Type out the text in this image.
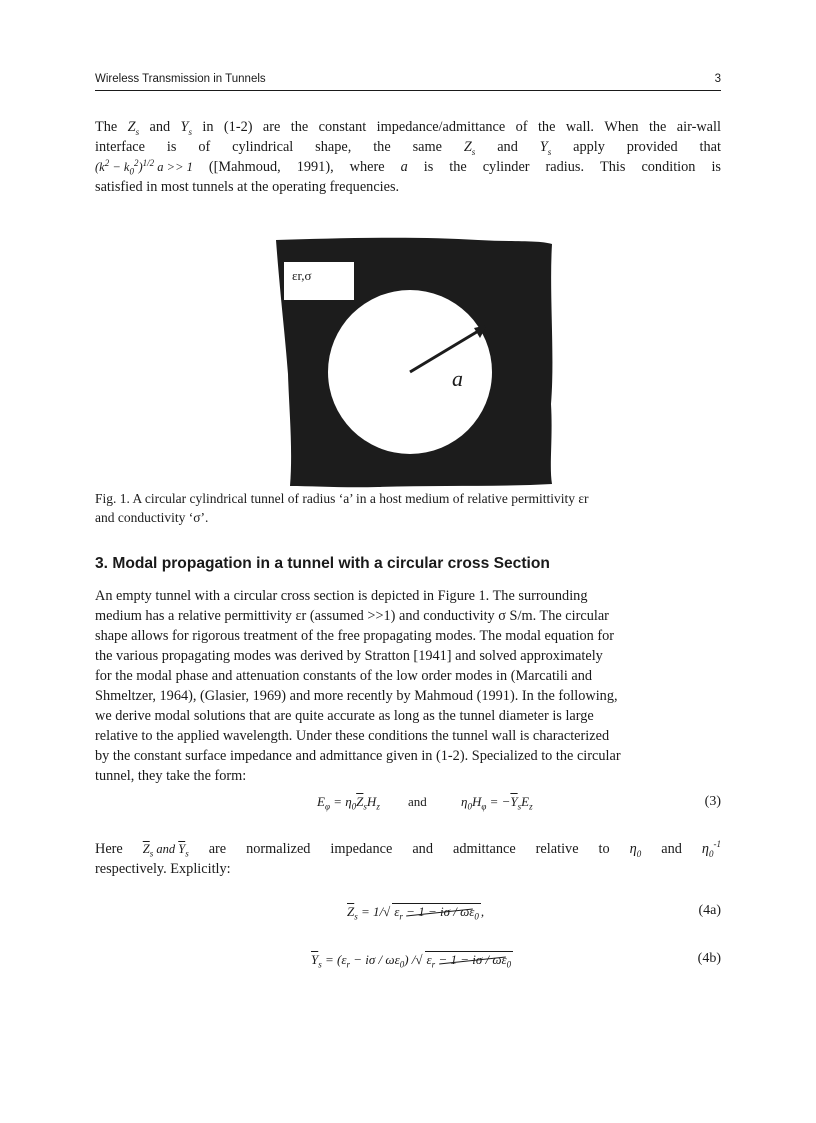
Wireless Transmission in Tunnels	3
The $Z_s$ and $Y_s$ in (1-2) are the constant impedance/admittance of the wall. When the air-wall
interface is of cylindrical shape, the same $Z_s$ and $Y_s$ apply provided that
$(k^2 - k_0^2)^{1/2}$ a >> 1 ([Mahmoud, 1991), where a is the cylinder radius. This condition is
satisfied in most tunnels at the operating frequencies.
εr,σ
a
Fig. 1. A circular cylindrical tunnel of radius ‘a’ in a host medium of relative permittivity εr
and conductivity ‘σ’.
3. Modal propagation in a tunnel with a circular cross Section
An empty tunnel with a circular cross section is depicted in Figure 1. The surrounding
medium has a relative permittivity εr (assumed >>1) and conductivity σ S/m. The circular
shape allows for rigorous treatment of the free propagating modes. The modal equation for
the various propagating modes was derived by Stratton [1941] and solved approximately
for the modal phase and attenuation constants of the low order modes in (Marcatili and
Shmeltzer, 1964), (Glasier, 1969) and more recently by Mahmoud (1991). In the following,
we derive modal solutions that are quite accurate as long as the tunnel diameter is large
relative to the applied wavelength. Under these conditions the tunnel wall is characterized
by the constant surface impedance and admittance given in (1-2). Specialized to the circular
tunnel, they take the form:
$E_\varphi = \eta_0\overline{Z}_sH_z$ and	$\eta_0H_\varphi = -\overline{Y}_sE_z$	(3)
Here $\overline{Z}_s$ and $\overline{Y}_s$ are normalized impedance and admittance relative to $\eta_0$ and $\eta_0^{-1}$
respectively. Explicitly:
$\overline{Z}_s = 1/√$ $\varepsilon_r - 1 - i\sigma / \omega\varepsilon_0$ ,	(4a)
$\overline{Y}_s = (\varepsilon_r - i\sigma / \omega\varepsilon_0)$ /√ $\varepsilon_r - 1 - i\sigma / \omega\varepsilon_0$	(4b)
